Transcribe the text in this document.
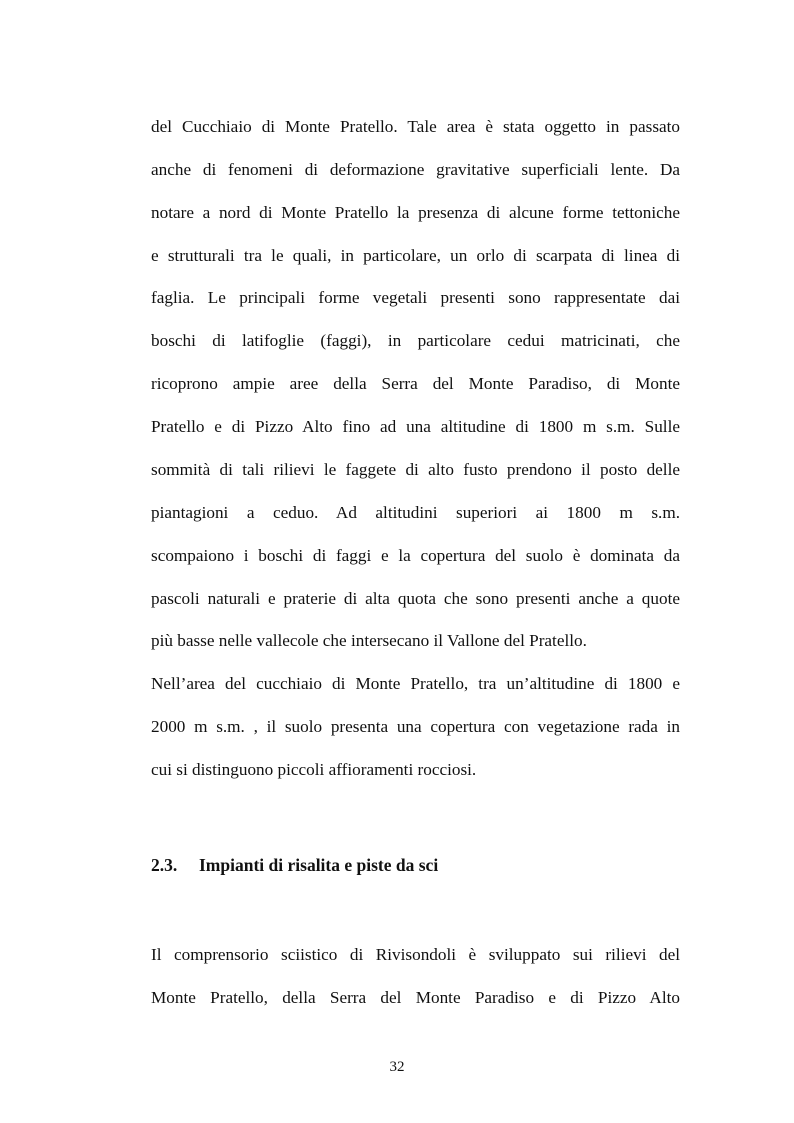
del Cucchiaio di Monte Pratello. Tale area è stata oggetto in passato
anche di fenomeni di deformazione gravitative superficiali lente. Da
notare a nord di Monte Pratello la presenza di alcune forme tettoniche
e strutturali tra le quali, in particolare, un orlo di scarpata di linea di
faglia. Le principali forme vegetali presenti sono rappresentate dai
boschi di latifoglie (faggi), in particolare cedui matricinati, che
ricoprono ampie aree della Serra del Monte Paradiso, di Monte
Pratello e di Pizzo Alto fino ad una altitudine di 1800 m s.m. Sulle
sommità di tali rilievi le faggete di alto fusto prendono il posto delle
piantagioni a ceduo. Ad altitudini superiori ai 1800 m s.m.
scompaiono i boschi di faggi e la copertura del suolo è dominata da
pascoli naturali e praterie di alta quota che sono presenti anche a quote
più basse nelle vallecole che intersecano il Vallone del Pratello.
Nell’area del cucchiaio di Monte Pratello, tra un’altitudine di 1800 e
2000 m s.m. , il suolo presenta una copertura con vegetazione rada in
cui si distinguono piccoli affioramenti rocciosi.
2.3. Impianti di risalita e piste da sci
Il comprensorio sciistico di Rivisondoli è sviluppato sui rilievi del
Monte Pratello, della Serra del Monte Paradiso e di Pizzo Alto
32
